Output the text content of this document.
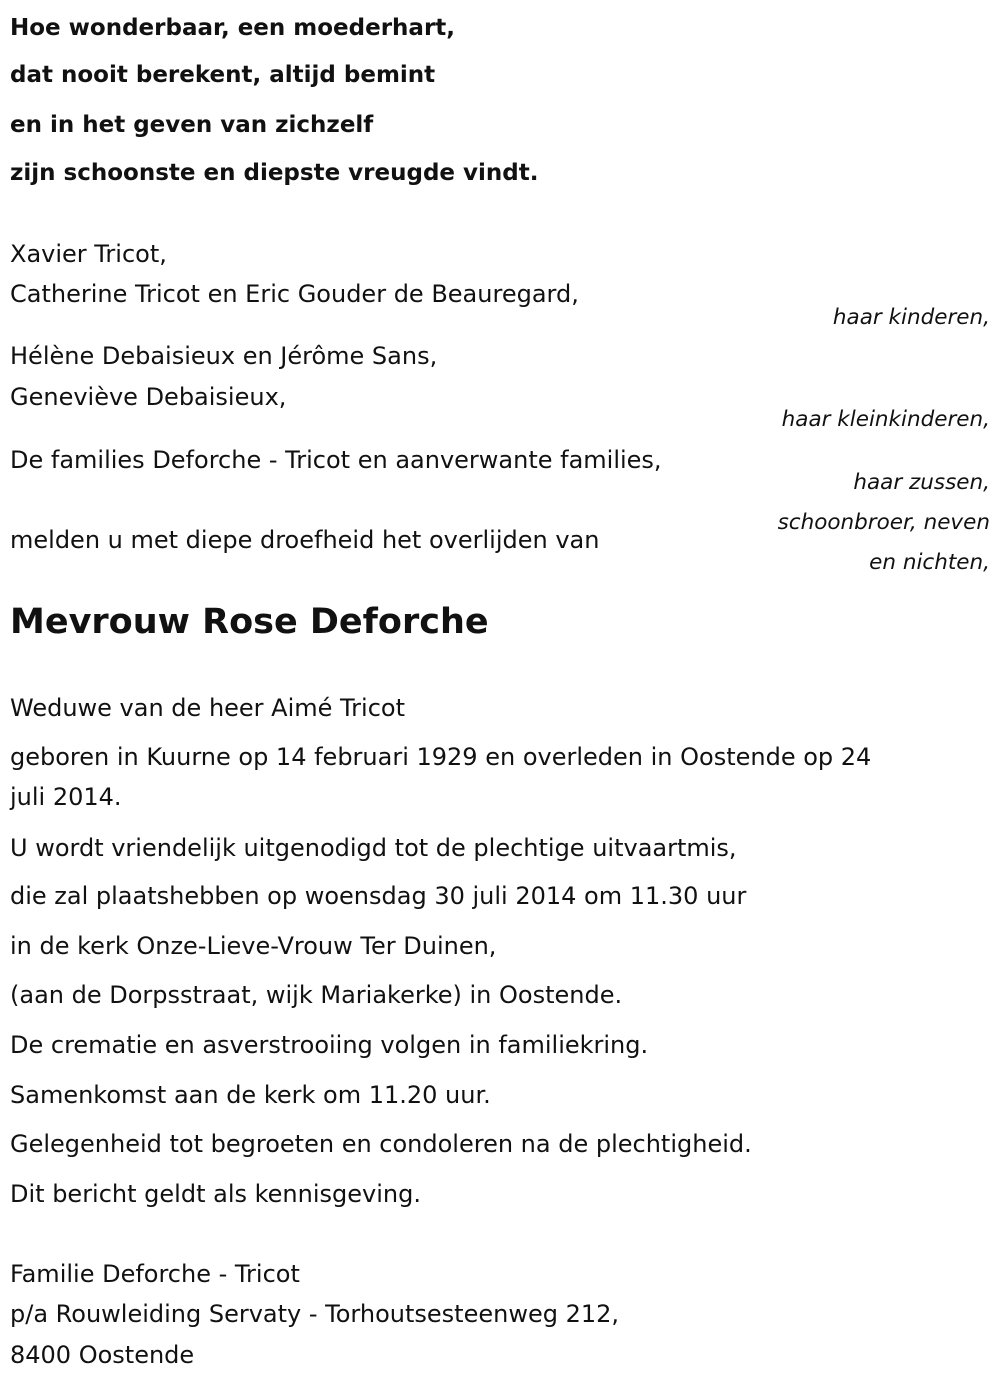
Hoe wonderbaar, een moederhart,
dat nooit berekent, altijd bemint
en in het geven van zichzelf
zijn schoonste en diepste vreugde vindt.
Xavier Tricot,
Catherine Tricot en Eric Gouder de Beauregard,
haar kinderen,
Hélène Debaisieux en Jérôme Sans,
Geneviève Debaisieux,
haar kleinkinderen,
De families Deforche - Tricot en aanverwante families,
haar zussen,
schoonbroer, neven
en nichten,
melden u met diepe droefheid het overlijden van
Mevrouw Rose Deforche
Weduwe van de heer Aimé Tricot
geboren in Kuurne op 14 februari 1929 en overleden in Oostende op 24
juli 2014.
U wordt vriendelijk uitgenodigd tot de plechtige uitvaartmis,
die zal plaatshebben op woensdag 30 juli 2014 om 11.30 uur
in de kerk Onze-Lieve-Vrouw Ter Duinen,
(aan de Dorpsstraat, wijk Mariakerke) in Oostende.
De crematie en asverstrooiing volgen in familiekring.
Samenkomst aan de kerk om 11.20 uur.
Gelegenheid tot begroeten en condoleren na de plechtigheid.
Dit bericht geldt als kennisgeving.
Familie Deforche - Tricot
p/a Rouwleiding Servaty - Torhoutsesteenweg 212,
8400 Oostende
